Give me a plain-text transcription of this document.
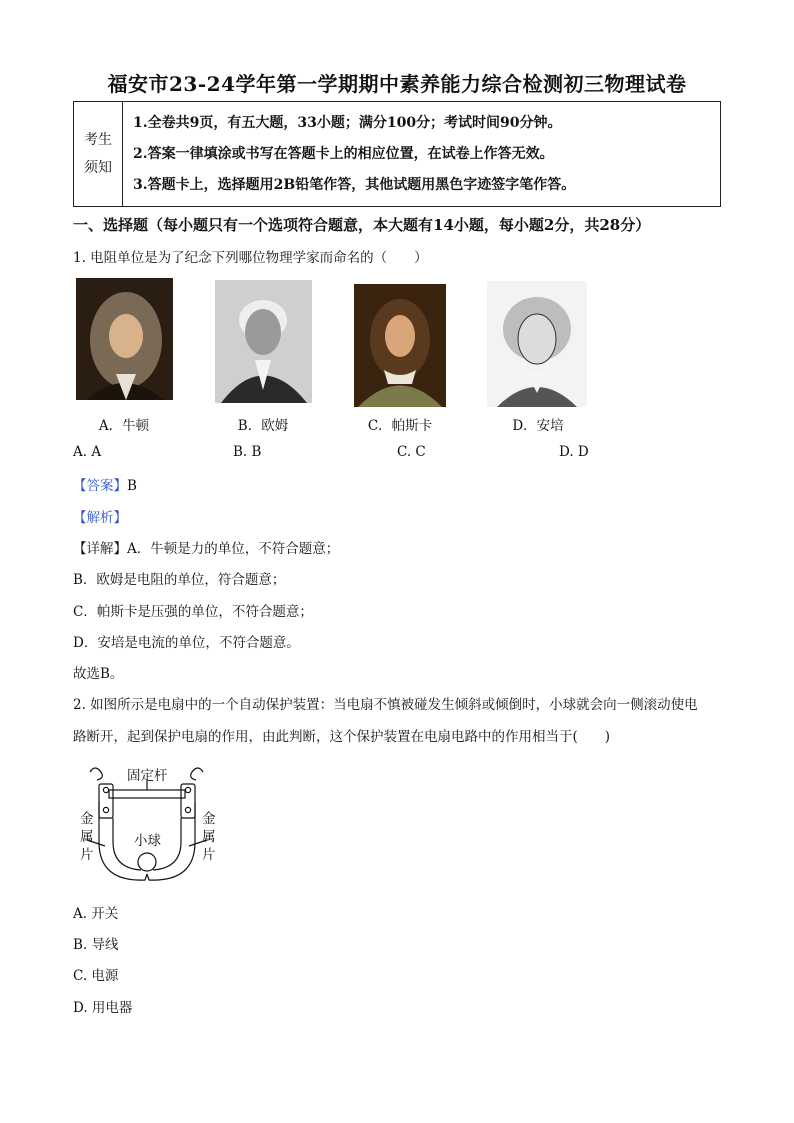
福安市23-24学年第一学期期中素养能力综合检测初三物理试卷
考生
须知

1.全卷共9页，有五大题，33小题；满分100分；考试时间90分钟。
2.答案一律填涂或书写在答题卡上的相应位置，在试卷上作答无效。
3.答题卡上，选择题用2B铅笔作答，其他试题用黑色字迹签字笔作答。
一、选择题（每小题只有一个选项符合题意，本大题有14小题，每小题2分，共28分）
1. 电阻单位是为了纪念下列哪位物理学家而命名的（　　）
A．牛顿	B．欧姆	C．帕斯卡	D．安培
A. A	B. B	C. C	D. D
【答案】B
【解析】
【详解】A．牛顿是力的单位，不符合题意；
B．欧姆是电阻的单位，符合题意；
C．帕斯卡是压强的单位，不符合题意；
D．安培是电流的单位，不符合题意。
故选B。
2. 如图所示是电扇中的一个自动保护装置：当电扇不慎被碰发生倾斜或倾倒时，小球就会向一侧滚动使电
路断开，起到保护电扇的作用，由此判断，这个保护装置在电扇电路中的作用相当于(　　)
固定杆
金
属
片
金
属
片
小球
A. 开关
B. 导线
C. 电源
D. 用电器
